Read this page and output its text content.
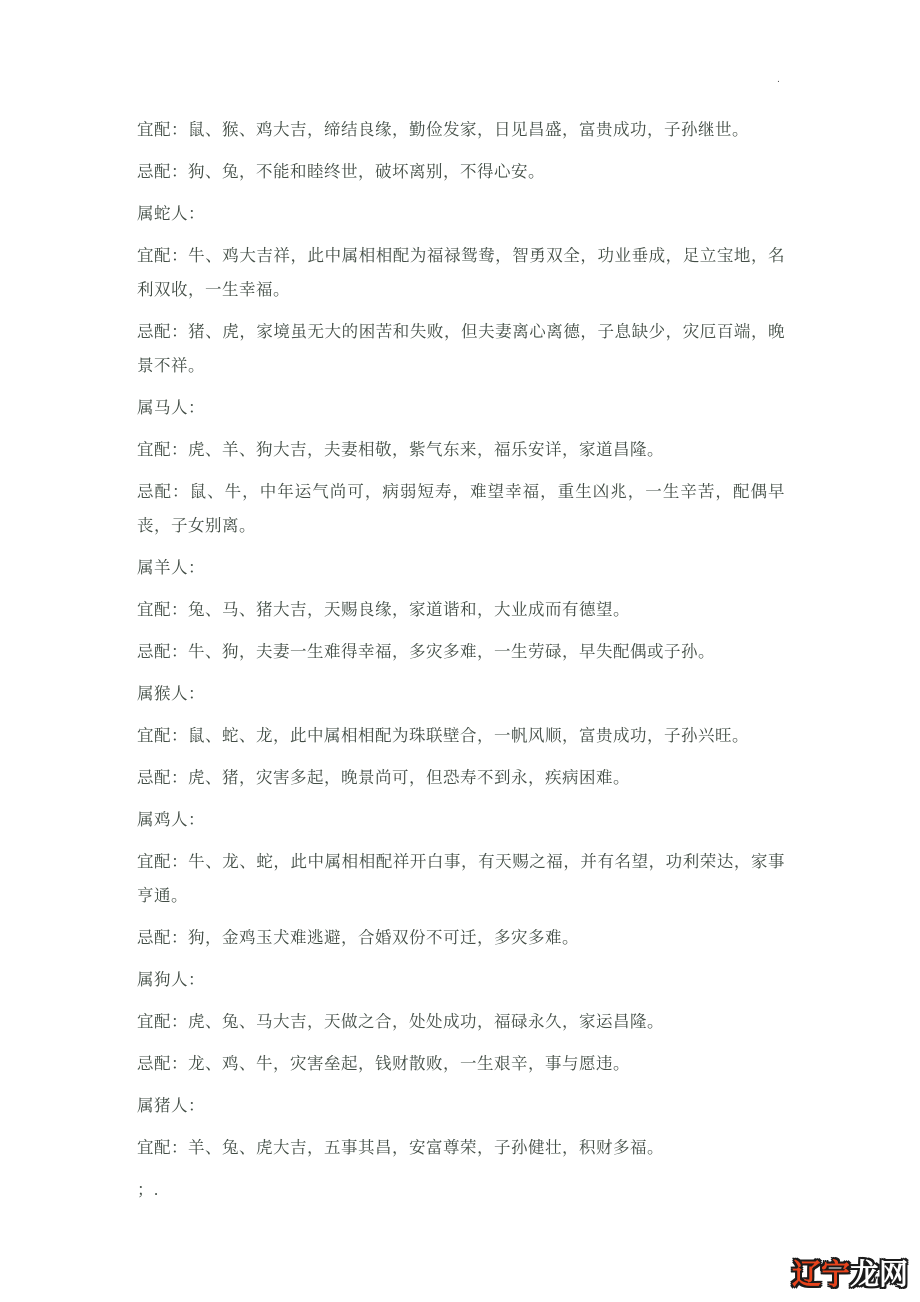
.

宜配：鼠、猴、鸡大吉，缔结良缘，勤俭发家，日见昌盛，富贵成功，子孙继世。

忌配：狗、兔，不能和睦终世，破坏离别，不得心安。

属蛇人：

宜配：牛、鸡大吉祥，此中属相相配为福禄鸳鸯，智勇双全，功业垂成，足立宝地，名利双收，一生幸福。

忌配：猪、虎，家境虽无大的困苦和失败，但夫妻离心离德，子息缺少，灾厄百端，晚景不祥。

属马人：

宜配：虎、羊、狗大吉，夫妻相敬，紫气东来，福乐安详，家道昌隆。

忌配：鼠、牛，中年运气尚可，病弱短寿，难望幸福，重生凶兆，一生辛苦，配偶早丧，子女别离。

属羊人：

宜配：兔、马、猪大吉，天赐良缘，家道谐和，大业成而有德望。

忌配：牛、狗，夫妻一生难得幸福，多灾多难，一生劳碌，早失配偶或子孙。

属猴人：

宜配：鼠、蛇、龙，此中属相相配为珠联壁合，一帆风顺，富贵成功，子孙兴旺。

忌配：虎、猪，灾害多起，晚景尚可，但恐寿不到永，疾病困难。

属鸡人：

宜配：牛、龙、蛇，此中属相相配祥开白事，有天赐之福，并有名望，功利荣达，家事亨通。

忌配：狗，金鸡玉犬难逃避，合婚双份不可迁，多灾多难。

属狗人：

宜配：虎、兔、马大吉，天做之合，处处成功，福碌永久，家运昌隆。

忌配：龙、鸡、牛，灾害垒起，钱财散败，一生艰辛，事与愿违。

属猪人：

宜配：羊、兔、虎大吉，五事其昌，安富尊荣，子孙健壮，积财多福。

；.

辽宁龙网
